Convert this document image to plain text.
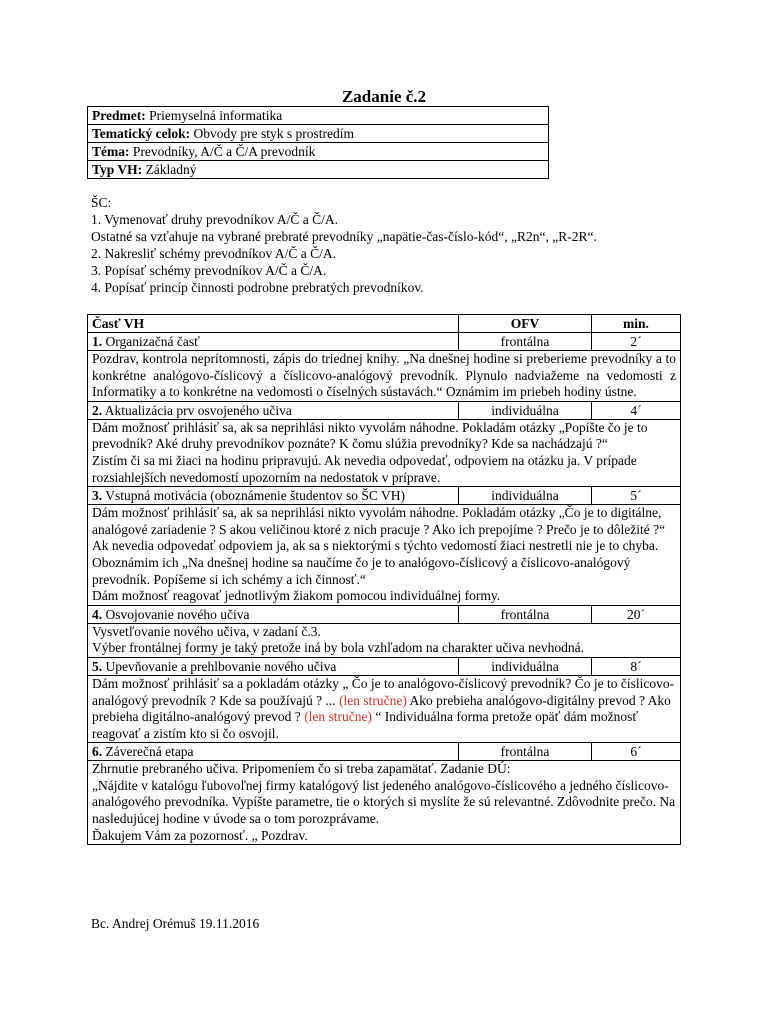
Zadanie č.2
Predmet: Priemyselná informatika
Tematický celok: Obvody pre styk s prostredím
Téma: Prevodníky, A/Č a Č/A prevodník
Typ VH: Základný
ŠC:
1. Vymenovať druhy prevodníkov A/Č a Č/A.
Ostatné sa vzťahuje na vybrané prebraté prevodníky „napätie-čas-číslo-kód“, „R2n“, „R-2R“.
2. Nakresliť schémy prevodníkov A/Č a Č/A.
3. Popísať schémy prevodníkov A/Č a Č/A.
4. Popísať princíp činnosti podrobne prebratých prevodníkov.
Časť VH	OFV	min.
1. Organizačná časť	frontálna	2´
Pozdrav, kontrola neprítomnosti, zápis do triednej knihy. „Na dnešnej hodine si preberieme prevodníky a to konkrétne analógovo-číslicový a číslicovo-analógový prevodník. Plynulo nadviažeme na vedomosti z Informatiky a to konkrétne na vedomosti o číselných sústavách.“ Oznámim im priebeh hodiny ústne.		
2. Aktualizácia prv osvojeného učiva	individuálna	4´
Dám možnosť prihlásiť sa, ak sa neprihlási nikto vyvolám náhodne. Pokladám otázky „Popíšte čo je to prevodník? Aké druhy prevodníkov poznáte? K čomu slúžia prevodníky? Kde sa nachádzajú ?“
Zistím či sa mi žiaci na hodinu pripravujú. Ak nevedia odpovedať, odpoviem na otázku ja. V prípade rozsiahlejších nevedomostí upozorním na nedostatok v príprave.		
3. Vstupná motivácia (oboznámenie študentov so ŠC VH)	individuálna	5´
Dám možnosť prihlásiť sa, ak sa neprihlási nikto vyvolám náhodne. Pokladám otázky „Čo je to digitálne, analógové zariadenie ? S akou veličinou ktoré z nich pracuje ? Ako ich prepojíme ? Prečo je to dôležité ?“ Ak nevedia odpovedať odpoviem ja, ak sa s niektorými s týchto vedomostí žiaci nestretli nie je to chyba.
Oboznámim ich „Na dnešnej hodine sa naučíme čo je to analógovo-číslicový a číslicovo-analógový prevodník. Popíšeme si ich schémy a ich činnosť.“
Dám možnosť reagovať jednotlivým žiakom pomocou individuálnej formy.		
4. Osvojovanie nového učiva	frontálna	20´
Vysvetľovanie nového učiva, v zadaní č.3.
Výber frontálnej formy je taký pretože iná by bola vzhľadom na charakter učiva nevhodná.		
5. Upevňovanie a prehlbovanie nového učiva	individuálna	8´
Dám možnosť prihlásiť sa a pokladám otázky „ Čo je to analógovo-číslicový prevodník? Čo je to číslicovo-analógový prevodník ? Kde sa používajú ? ... (len stručne) Ako prebieha analógovo-digitálny prevod ? Ako prebieha digitálno-analógový prevod ? (len stručne) “ Individuálna forma pretože opäť dám možnosť reagovať a zistím kto si čo osvojil.		
6. Záverečná etapa	frontálna	6´
Zhrnutie prebraného učiva. Pripomeniem čo si treba zapamätať. Zadanie DÚ:
„Nájdite v katalógu ľubovoľnej firmy katalógový list jedeného analógovo-číslicového a jedného číslicovo-analógového prevodníka. Vypíšte parametre, tie o ktorých si myslíte že sú relevantné. Zdôvodnite prečo. Na nasledujúcej hodine v úvode sa o tom porozprávame.
Ďakujem Vám za pozornosť. „ Pozdrav.		
Bc. Andrej Orémuš 19.11.2016
